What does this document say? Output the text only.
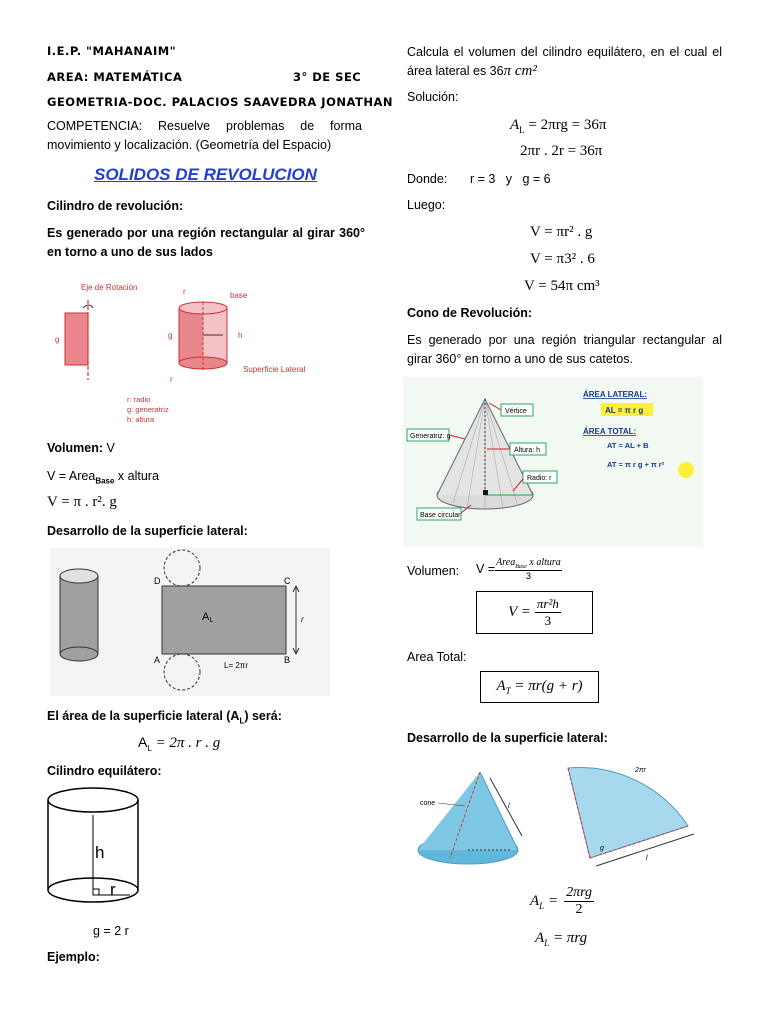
I.E.P. "MAHANAIM"
AREA: MATEMÁTICA	3° DE SEC
GEOMETRIA-DOC. PALACIOS SAAVEDRA JONATHAN
COMPETENCIA: Resuelve problemas de forma movimiento y localización. (Geometría del Espacio)
SOLIDOS DE REVOLUCION
Cilindro de revolución:
Es generado por una región rectangular al girar 360° en torno a uno de sus lados
Eje de Rotación
g
r	base
h
g
r
Superficie Lateral
r: radio
g: generatriz
h: altura
Volumen: V
V = Area$_{Base}$ x altura
V = π . r². g
Desarrollo de la superficie lateral:
D	C
A	B
AL
L= 2πr
r
El área de la superficie lateral $(A_L)$ será:
$A_L = 2\pi$ . r . g
Cilindro equilátero:
h
r
g = 2 r
Ejemplo:
Calcula el volumen del cilindro equilátero, en el cual el área lateral es 36π cm²
Solución:
$A_L = 2\pi rg = 36\pi$
2πr . 2r = 36π
Donde: r = 3   y   g = 6
Luego:
V = πr² . g
V = π3² . 6
V = 54π cm³
Cono de Revolución:
Es generado por una región triangular rectangular al girar 360° en torno a uno de sus catetos.
Vértice
Generatriz: g
Altura: h
Radio: r
Base circular
ÁREA LATERAL:
AL = π r g
ÁREA TOTAL:
AT = AL + B
AT = π r g + π r²
Volumen: V = Area$_{Base}$ x altura
3
$V = \frac{\text{πr²h}}{3}$
Area Total:
$A_T = \pi r(g + r)$
Desarrollo de la superficie lateral:
cone	l
2πr
l
g
$A_L = 2\pi rg$
2
$A_L = \pi rg$
